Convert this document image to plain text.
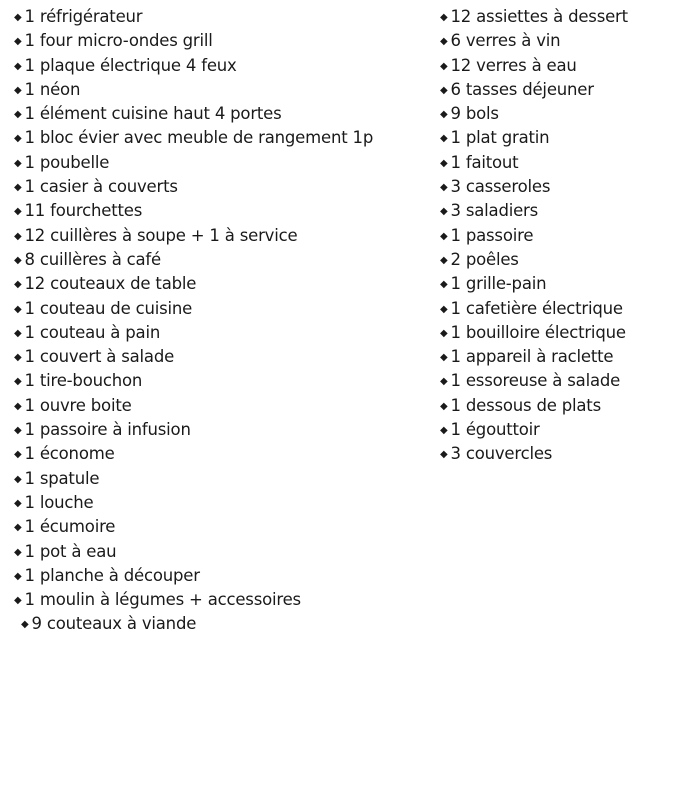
◆ 1 réfrigérateur
◆ 1 four micro-ondes grill
◆ 1 plaque électrique 4 feux
◆ 1 néon
◆ 1 élément cuisine haut 4 portes
◆ 1 bloc évier avec meuble de rangement 1p
◆ 1 poubelle
◆ 1 casier à couverts
◆ 11 fourchettes
◆ 12 cuillères à soupe + 1 à service
◆ 8 cuillères à café
◆ 12 couteaux de table
◆ 1 couteau de cuisine
◆ 1 couteau à pain
◆ 1 couvert à salade
◆ 1 tire-bouchon
◆ 1 ouvre boite
◆ 1 passoire à infusion
◆ 1 économe
◆ 1 spatule
◆ 1 louche
◆ 1 écumoire
◆ 1 pot à eau
◆ 1 planche à découper
◆ 1 moulin à légumes + accessoires
◆ 9 couteaux à viande
◆ 12 assiettes à dessert
◆ 6 verres à vin
◆ 12 verres à eau
◆ 6 tasses déjeuner
◆ 9 bols
◆ 1 plat gratin
◆ 1 faitout
◆ 3 casseroles
◆ 3 saladiers
◆ 1 passoire
◆ 2 poêles
◆ 1 grille-pain
◆ 1 cafetière électrique
◆ 1 bouilloire électrique
◆ 1 appareil à raclette
◆ 1 essoreuse à salade
◆ 1 dessous de plats
◆ 1 égouttoir
◆ 3 couvercles
